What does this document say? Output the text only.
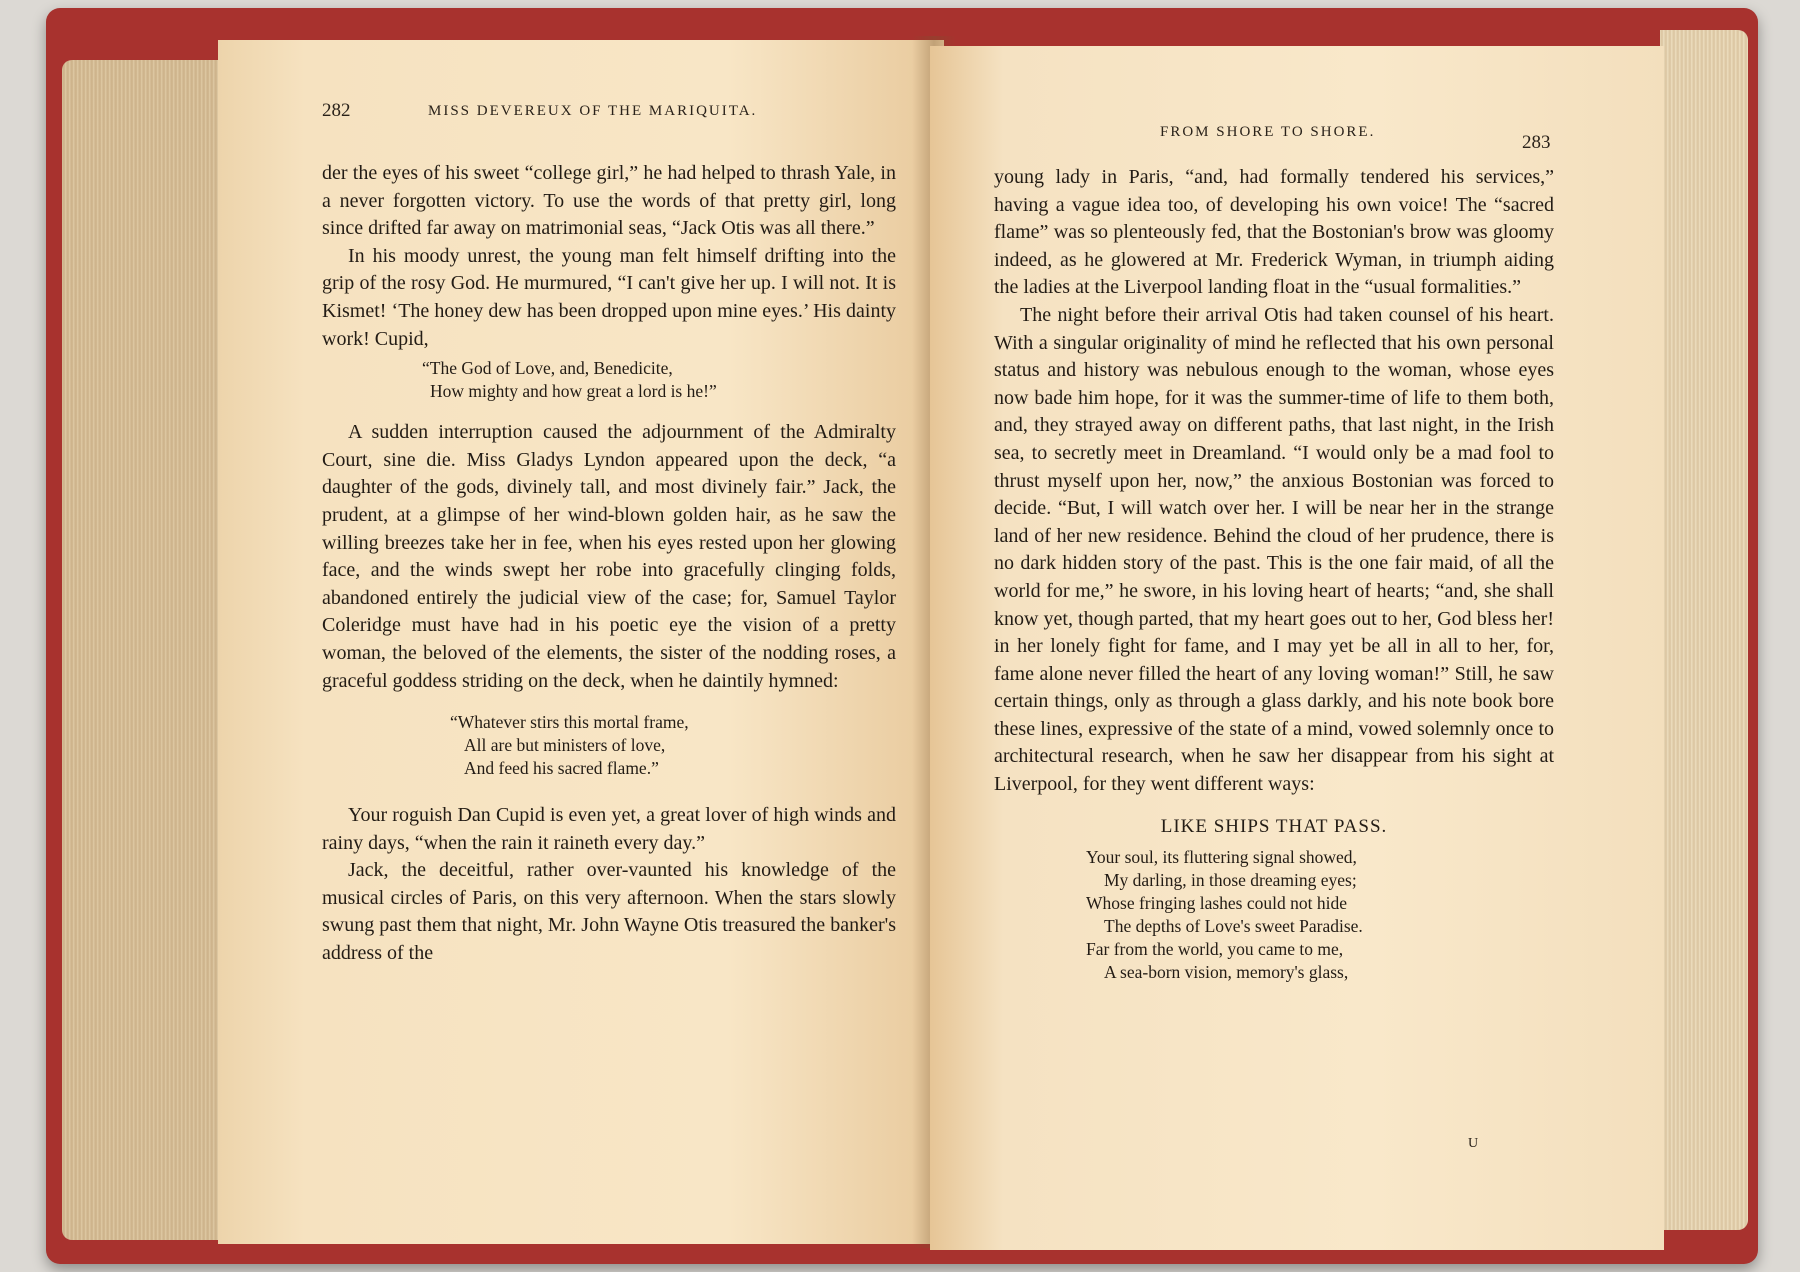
282	MISS DEVEREUX OF THE MARIQUITA.

der the eyes of his sweet “college girl,” he had helped to thrash Yale, in a never forgotten victory. To use the words of that pretty girl, long since drifted far away on matrimonial seas, “Jack Otis was all there.”

In his moody unrest, the young man felt himself drifting into the grip of the rosy God. He murmured, “I can't give her up. I will not. It is Kismet! ‘The honey dew has been dropped upon mine eyes.’ His dainty work! Cupid,

“The God of Love, and, Benedicite,
How mighty and how great a lord is he!”

A sudden interruption caused the adjournment of the Admiralty Court, sine die. Miss Gladys Lyndon appeared upon the deck, “a daughter of the gods, divinely tall, and most divinely fair.” Jack, the prudent, at a glimpse of her wind-blown golden hair, as he saw the willing breezes take her in fee, when his eyes rested upon her glowing face, and the winds swept her robe into gracefully clinging folds, abandoned entirely the judicial view of the case; for, Samuel Taylor Coleridge must have had in his poetic eye the vision of a pretty woman, the beloved of the elements, the sister of the nodding roses, a graceful goddess striding on the deck, when he daintily hymned:

“Whatever stirs this mortal frame,
All are but ministers of love,
And feed his sacred flame.”

Your roguish Dan Cupid is even yet, a great lover of high winds and rainy days, “when the rain it raineth every day.”

Jack, the deceitful, rather over-vaunted his knowledge of the musical circles of Paris, on this very afternoon. When the stars slowly swung past them that night, Mr. John Wayne Otis treasured the banker's address of the

FROM SHORE TO SHORE.	283

young lady in Paris, “and, had formally tendered his services,” having a vague idea too, of developing his own voice! The “sacred flame” was so plenteously fed, that the Bostonian's brow was gloomy indeed, as he glowered at Mr. Frederick Wyman, in triumph aiding the ladies at the Liverpool landing float in the “usual formalities.”

The night before their arrival Otis had taken counsel of his heart. With a singular originality of mind he reflected that his own personal status and history was nebulous enough to the woman, whose eyes now bade him hope, for it was the summer-time of life to them both, and, they strayed away on different paths, that last night, in the Irish sea, to secretly meet in Dreamland. “I would only be a mad fool to thrust myself upon her, now,” the anxious Bostonian was forced to decide. “But, I will watch over her. I will be near her in the strange land of her new residence. Behind the cloud of her prudence, there is no dark hidden story of the past. This is the one fair maid, of all the world for me,” he swore, in his loving heart of hearts; “and, she shall know yet, though parted, that my heart goes out to her, God bless her! in her lonely fight for fame, and I may yet be all in all to her, for, fame alone never filled the heart of any loving woman!” Still, he saw certain things, only as through a glass darkly, and his note book bore these lines, expressive of the state of a mind, vowed solemnly once to architectural research, when he saw her disappear from his sight at Liverpool, for they went different ways:

LIKE SHIPS THAT PASS.
Your soul, its fluttering signal showed,
My darling, in those dreaming eyes;
Whose fringing lashes could not hide
The depths of Love's sweet Paradise.
Far from the world, you came to me,
A sea-born vision, memory's glass,
U
